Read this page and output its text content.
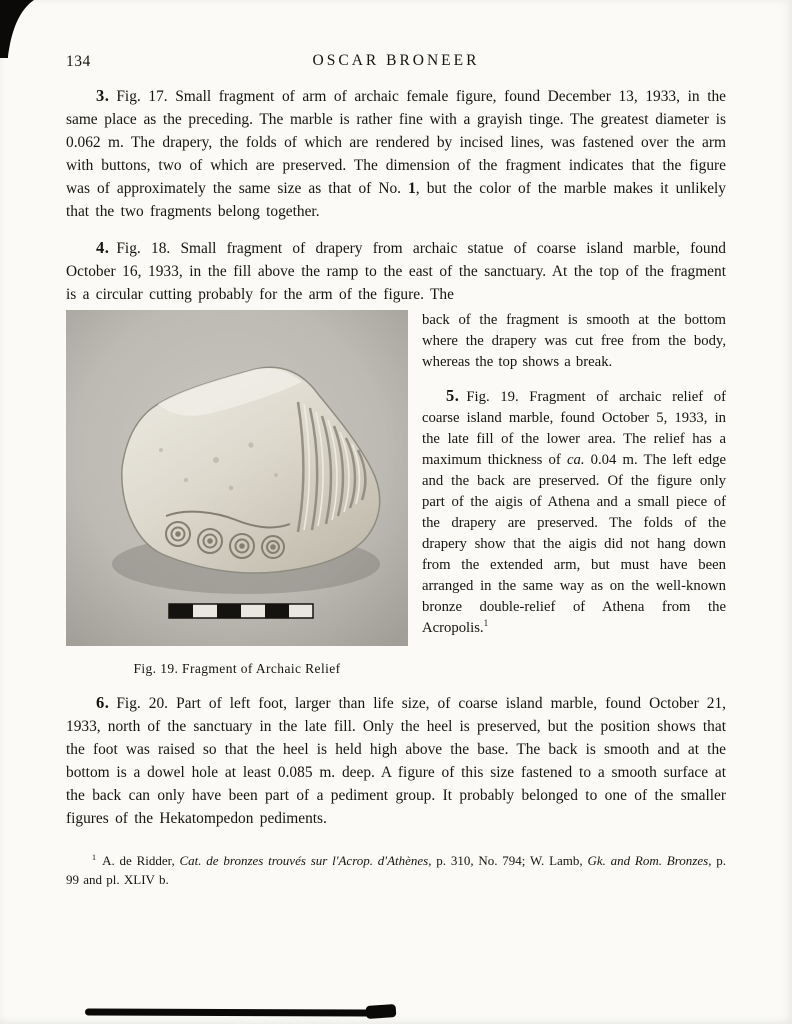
134	OSCAR BRONEER

3. Fig. 17. Small fragment of arm of archaic female figure, found December 13, 1933, in the same place as the preceding. The marble is rather fine with a grayish tinge. The greatest diameter is 0.062 m. The drapery, the folds of which are rendered by incised lines, was fastened over the arm with buttons, two of which are preserved. The dimension of the fragment indicates that the figure was of approximately the same size as that of No. 1, but the color of the marble makes it unlikely that the two fragments belong together.

4. Fig. 18. Small fragment of drapery from archaic statue of coarse island marble, found October 16, 1933, in the fill above the ramp to the east of the sanctuary. At the top of the fragment is a circular cutting probably for the arm of the figure. The

Fig. 19. Fragment of Archaic Relief

back of the fragment is smooth at the bottom where the drapery was cut free from the body, whereas the top shows a break.

5. Fig. 19. Fragment of archaic relief of coarse island marble, found October 5, 1933, in the late fill of the lower area. The relief has a maximum thickness of ca. 0.04 m. The left edge and the back are preserved. Of the figure only part of the aigis of Athena and a small piece of the drapery are preserved. The folds of the drapery show that the aigis did not hang down from the extended arm, but must have been arranged in the same way as on the well-known bronze double-relief of Athena from the Acropolis.$^1$

6. Fig. 20. Part of left foot, larger than life size, of coarse island marble, found October 21, 1933, north of the sanctuary in the late fill. Only the heel is preserved, but the position shows that the foot was raised so that the heel is held high above the base. The back is smooth and at the bottom is a dowel hole at least 0.085 m. deep. A figure of this size fastened to a smooth surface at the back can only have been part of a pediment group. It probably belonged to one of the smaller figures of the Hekatompedon pediments.

$^1$ A. de Ridder, Cat. de bronzes trouvés sur l'Acrop. d'Athènes, p. 310, No. 794; W. Lamb, Gk. and Rom. Bronzes, p. 99 and pl. XLIV b.
